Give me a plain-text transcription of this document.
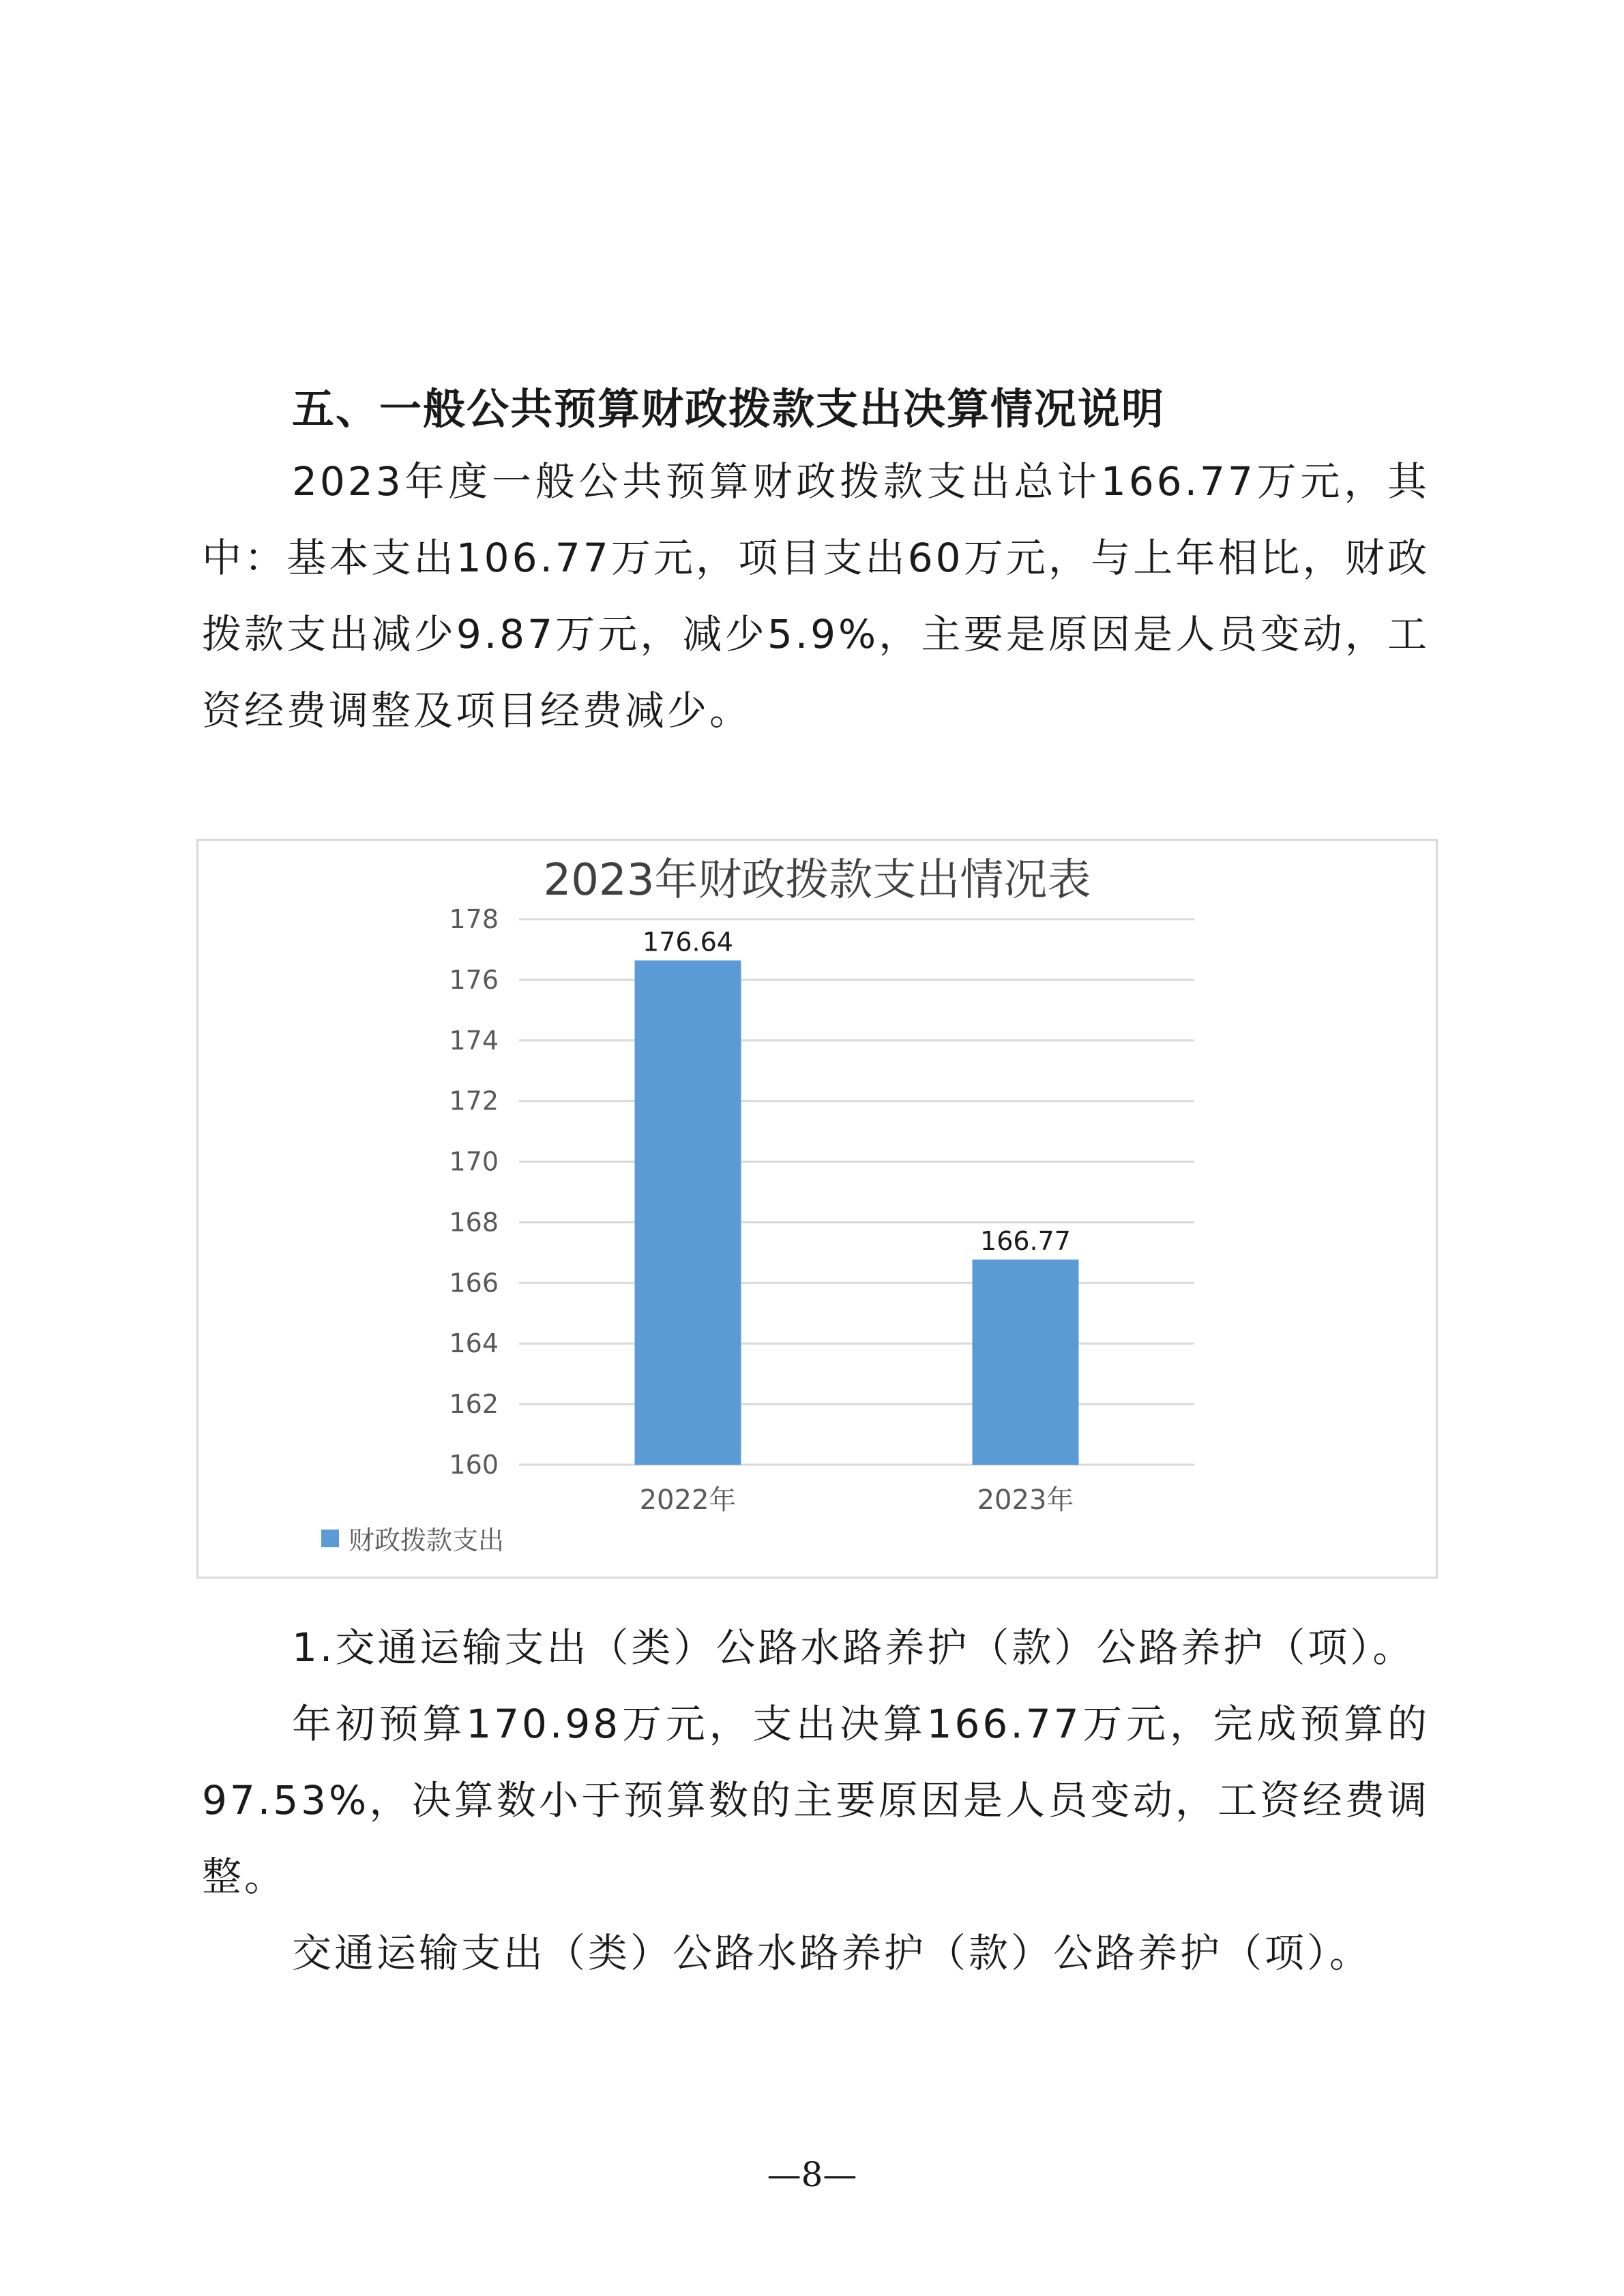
五、一般公共预算财政拨款支出决算情况说明
2023年度一般公共预算财政拨款支出总计166.77万元，其中：基本支出106.77万元，项目支出60万元，与上年相比，财政拨款支出减少9.87万元，减少5.9%，主要是原因是人员变动，工资经费调整及项目经费减少。
2023年财政拨款支出情况表
160
162
164
166
168
170
172
174
176
178
176.64
166.77
2022年	2023年
财政拨款支出
1.交通运输支出（类）公路水路养护（款）公路养护（项）。
年初预算170.98万元，支出决算166.77万元，完成预算的97.53%，决算数小于预算数的主要原因是人员变动，工资经费调整。
交通运输支出（类）公路水路养护（款）公路养护（项）。
—8—
